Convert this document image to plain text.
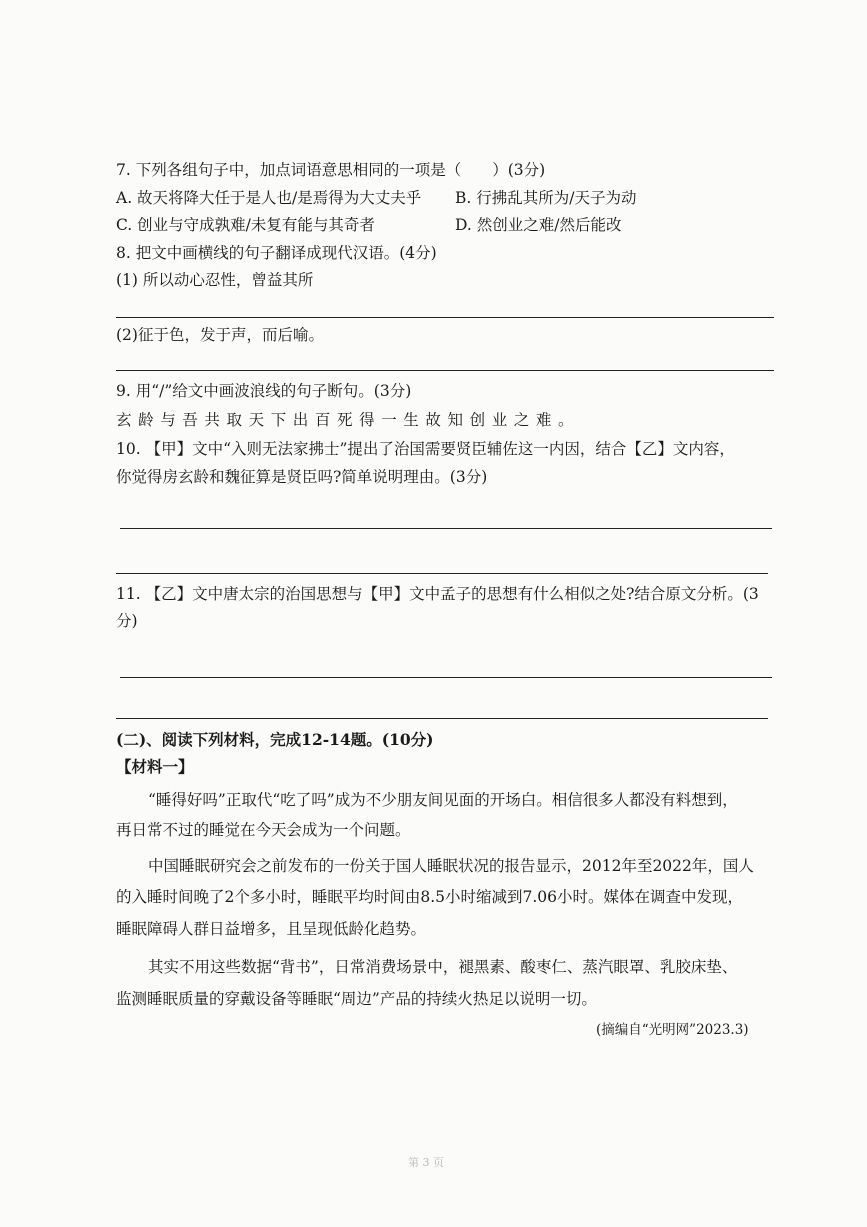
7. 下列各组句子中，加点词语意思相同的一项是（　　）(3分)
A. 故天将降大任于是人也/是焉得为大丈夫乎 B. 行拂乱其所为/天子为动
C. 创业与守成孰难/未复有能与其奇者	D. 然创业之难/然后能改
8. 把文中画横线的句子翻译成现代汉语。(4分)
(1) 所以动心忍性，曾益其所
(2)征于色，发于声，而后喻。
9. 用“/”给文中画波浪线的句子断句。(3分)
玄龄与吾共取天下出百死得一生故知创业之难。
10. 【甲】文中“入则无法家拂士”提出了治国需要贤臣辅佐这一内因，结合【乙】文内容，
你觉得房玄龄和魏征算是贤臣吗?简单说明理由。(3分)
11. 【乙】文中唐太宗的治国思想与【甲】文中孟子的思想有什么相似之处?结合原文分析。(3
分)
(二)、阅读下列材料，完成12-14题。(10分)
【材料一】
“睡得好吗”正取代“吃了吗”成为不少朋友间见面的开场白。相信很多人都没有料想到，
再日常不过的睡觉在今天会成为一个问题。
中国睡眠研究会之前发布的一份关于国人睡眠状况的报告显示，2012年至2022年，国人
的入睡时间晚了2个多小时，睡眠平均时间由8.5小时缩减到7.06小时。媒体在调查中发现，
睡眠障碍人群日益增多，且呈现低龄化趋势。
其实不用这些数据“背书”，日常消费场景中，褪黑素、酸枣仁、蒸汽眼罩、乳胶床垫、
监测睡眠质量的穿戴设备等睡眠“周边”产品的持续火热足以说明一切。
(摘编自“光明网”2023.3)
第 3 页
